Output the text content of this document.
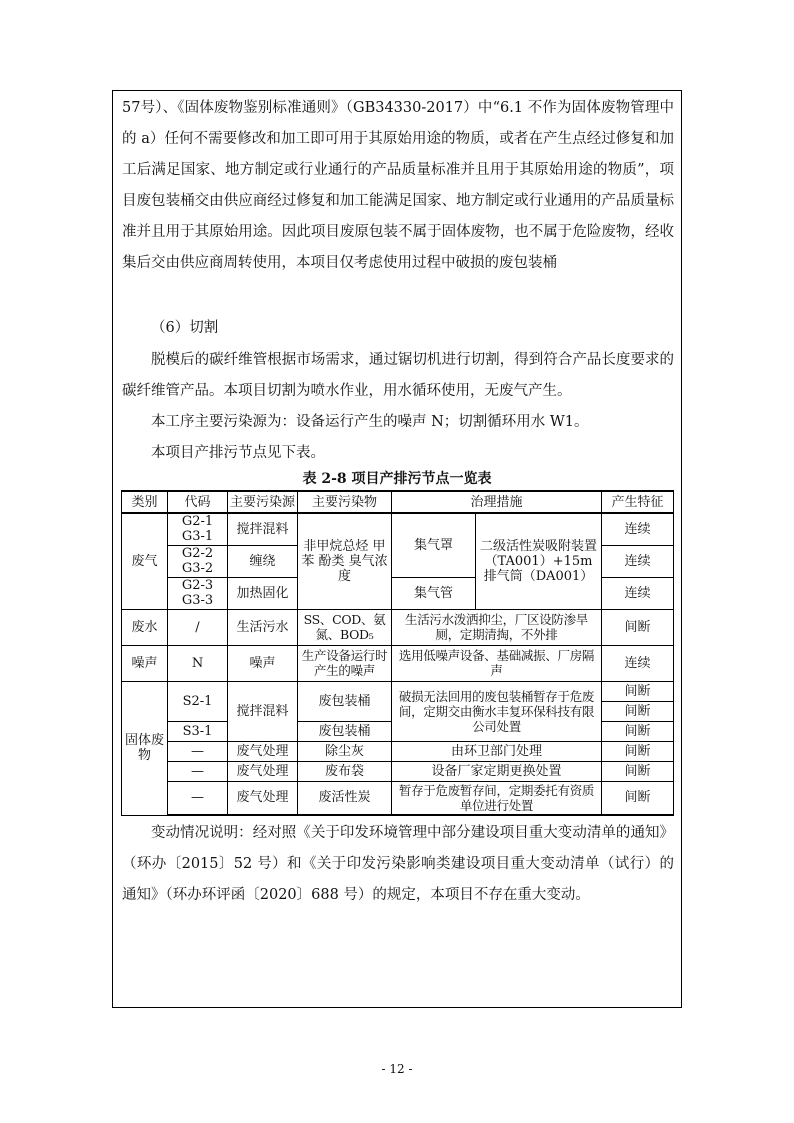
57号）、《固体废物鉴别标准通则》（GB34330-2017）中“6.1 不作为固体废物管理中的 a）任何不需要修改和加工即可用于其原始用途的物质，或者在产生点经过修复和加工后满足国家、地方制定或行业通行的产品质量标准并且用于其原始用途的物质”，项目废包装桶交由供应商经过修复和加工能满足国家、地方制定或行业通用的产品质量标准并且用于其原始用途。因此项目废原包装不属于固体废物，也不属于危险废物，经收集后交由供应商周转使用，本项目仅考虑使用过程中破损的废包装桶

（6）切割

脱模后的碳纤维管根据市场需求，通过锯切机进行切割，得到符合产品长度要求的碳纤维管产品。本项目切割为喷水作业，用水循环使用，无废气产生。

本工序主要污染源为：设备运行产生的噪声 N；切割循环用水 W1。

本项目产排污节点见下表。

表 2-8 项目产排污节点一览表
类别	代码	主要污染源	主要污染物	治理措施		产生特征
废气	G2-1 G3-1	搅拌混料	非甲烷总烃 甲苯 酚类 臭气浓度	集气罩	二级活性炭吸附装置（TA001）+15m 排气筒（DA001）	连续
	G2-2 G3-2	缠绕				连续
	G2-3 G3-3	加热固化		集气管		连续
废水	/	生活污水	SS、COD、氨氮、BOD₅	生活污水泼洒抑尘，厂区设防渗旱厕，定期清掏，不外排		间断
噪声	N	噪声	生产设备运行时产生的噪声	选用低噪声设备、基础减振、厂房隔声		连续
固体废物	S2-1	搅拌混料	废包装桶	破损无法回用的废包装桶暂存于危废间，定期交由衡水丰复环保科技有限公司处置		间断
						间断
	S3-1		废包装桶			间断
	—	废气处理	除尘灰	由环卫部门处理		间断
	—	废气处理	废布袋	设备厂家定期更换处置		间断
	—	废气处理	废活性炭	暂存于危废暂存间，定期委托有资质单位进行处置		间断

变动情况说明：经对照《关于印发环境管理中部分建设项目重大变动清单的通知》（环办〔2015〕52 号）和《关于印发污染影响类建设项目重大变动清单（试行）的通知》（环办环评函〔2020〕688 号）的规定，本项目不存在重大变动。

- 12 -
